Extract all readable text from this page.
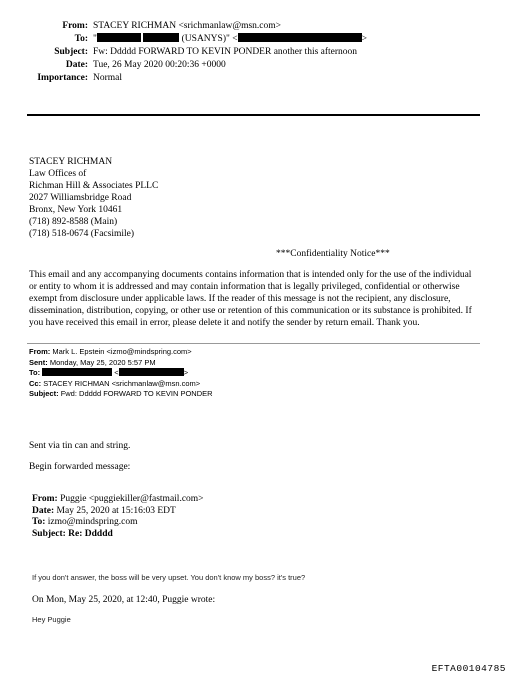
From: STACEY RICHMAN <srichmanlaw@msn.com>
To: "	(USANYS)" <	>
Subject: Fw: Ddddd FORWARD TO KEVIN PONDER another this afternoon
Date: Tue, 26 May 2020 00:20:36 +0000
Importance: Normal
STACEY RICHMAN
Law Offices of
Richman Hill & Associates PLLC
2027 Williamsbridge Road
Bronx, New York 10461
(718) 892-8588 (Main)
(718) 518-0674 (Facsimile)
***Confidentiality Notice***
This email and any accompanying documents contains information that is intended only for the use of the individual or entity to whom it is addressed and may contain information that is legally privileged, confidential or otherwise exempt from disclosure under applicable laws. If the reader of this message is not the recipient, any disclosure, dissemination, distribution, copying, or other use or retention of this communication or its substance is prohibited. If you have received this email in error, please delete it and notify the sender by return email. Thank you.
From: Mark L. Epstein <izmo@mindspring.com>
Sent: Monday, May 25, 2020 5:57 PM
To:	<	>
Cc: STACEY RICHMAN <srichmanlaw@msn.com>
Subject: Fwd: Ddddd FORWARD TO KEVIN PONDER
Sent via tin can and string.
Begin forwarded message:
From: Puggie <puggiekiller@fastmail.com>
Date: May 25, 2020 at 15:16:03 EDT
To: izmo@mindspring.com
Subject: Re: Ddddd
If you don't answer, the boss will be very upset. You don't know my boss? it's true?
On Mon, May 25, 2020, at 12:40, Puggie wrote:
Hey Puggie
EFTA00104785
